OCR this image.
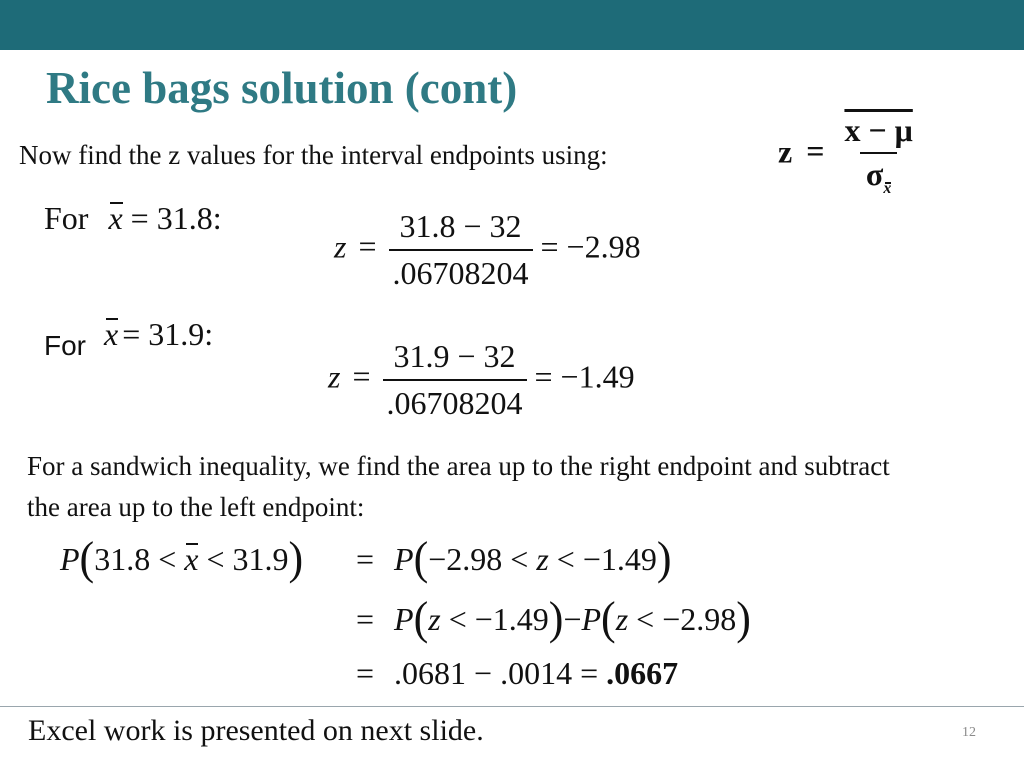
Rice bags solution (cont)
Now find the z values for the interval endpoints using:	$z = \frac{x - \mu}{\sigma x}$
For x = 31.8:
$z = \frac{31.8 - 32}{.06708204} = -2.98$
For x = 31.9:
$z = \frac{31.9 - 32}{.06708204} = -1.49$
For a sandwich inequality, we find the area up to the right endpoint and subtract the area up to the left endpoint:
P(31.8 < x < 31.9) = P(−2.98 < z < −1.49)
= P(z < −1.49)−P(z < −2.98)
= .0681 − .0014 = .0667
Excel work is presented on next slide.	12
